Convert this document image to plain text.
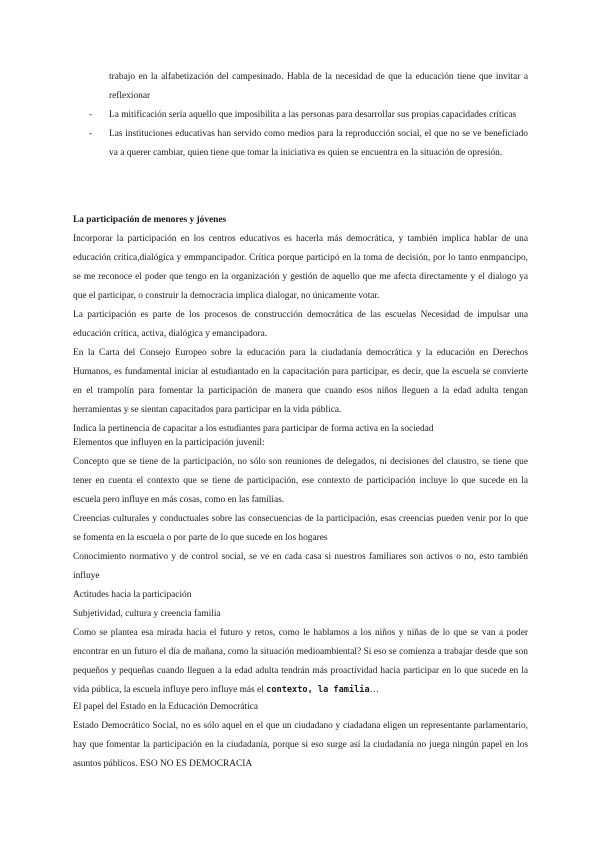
trabajo en la alfabetización del campesinado. Habla de la necesidad de que la educación tiene que invitar a reflexionar

- La mitificación sería aquello que imposibilita a las personas para desarrollar sus propias capacidades críticas

- Las instituciones educativas han servido como medios para la reproducción social, el que no se ve beneficiado va a querer cambiar, quien tiene que tomar la iniciativa es quien se encuentra en la situación de opresión.

La participación de menores y jóvenes

Incorporar la participación en los centros educativos es hacerla más democrática, y también implica hablar de una educación crítica,dialógica y emmpancipador. Crítica porque participó en la toma de decisión, por lo tanto enmpancipo, se me reconoce el poder que tengo en la organización y gestión de aquello que me afecta directamente y el dialogo ya que el participar, o construir la democracia implica dialogar, no únicamente votar.

La participación es parte de los procesos de construcción democrática de las escuelas Necesidad de impulsar una educación crítica, activa, dialógica y emancipadora.

En la Carta del Consejo Europeo sobre la educación para la ciudadanía democrática y la educación en Derechos Humanos, es fundamental iniciar al estudiantado en la capacitación para participar, es decir, que la escuela se convierte en el trampolín para fomentar la participación de manera que cuando esos niños lleguen a la edad adulta tengan herramientas y se sientan capacitados para participar en la vida pública.

Indica la pertinencia de capacitar a los estudiantes para participar de forma activa en la sociedad

Elementos que influyen en la participación juvenil:

Concepto que se tiene de la participación, no sólo son reuniones de delegados, ni decisiones del claustro, se tiene que tener en cuenta el contexto que se tiene de participación, ese contexto de participación incluye lo que sucede en la escuela pero influye en más cosas, como en las familias.

Creencias culturales y conductuales sobre las consecuencias de la participación, esas creencias pueden venir por lo que se fomenta en la escuela o por parte de lo que sucede en los hogares

Conocimiento normativo y de control social, se ve en cada casa si nuestros familiares son activos o no, esto también influye

Actitudes hacia la participación

Subjetividad, cultura y creencia familia

Como se plantea esa mirada hacia el futuro y retos, como le hablamos a los niños y niñas de lo que se van a poder encontrar en un futuro el día de mañana, como la situación medioambiental? Si eso se comienza a trabajar desde que son pequeños y pequeñas cuando lleguen a la edad adulta tendrán más proactividad hacia participar en lo que sucede en la vida pública, la escuela influye pero influye más el contexto, la familia…

El papel del Estado en la Educación Democrática

Estado Democrático Social, no es sólo aquel en el que un ciudadano y ciadadana eligen un representante parlamentario, hay que fomentar la participación en la ciudadanía, porque si eso surge así la ciudadanía no juega ningún papel en los asuntos públicos. ESO NO ES DEMOCRACIA
